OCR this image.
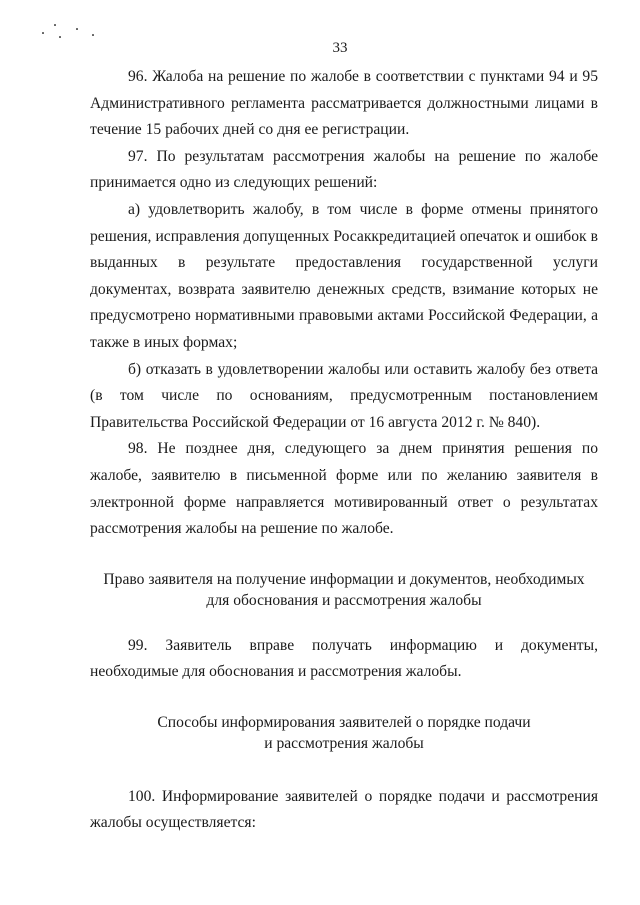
33

96. Жалоба на решение по жалобе в соответствии с пунктами 94 и 95 Административного регламента рассматривается должностными лицами в течение 15 рабочих дней со дня ее регистрации.

97. По результатам рассмотрения жалобы на решение по жалобе принимается одно из следующих решений:

а) удовлетворить жалобу, в том числе в форме отмены принятого решения, исправления допущенных Росаккредитацией опечаток и ошибок в выданных в результате предоставления государственной услуги документах, возврата заявителю денежных средств, взимание которых не предусмотрено нормативными правовыми актами Российской Федерации, а также в иных формах;

б) отказать в удовлетворении жалобы или оставить жалобу без ответа (в том числе по основаниям, предусмотренным постановлением Правительства Российской Федерации от 16 августа 2012 г. № 840).

98. Не позднее дня, следующего за днем принятия решения по жалобе, заявителю в письменной форме или по желанию заявителя в электронной форме направляется мотивированный ответ о результатах рассмотрения жалобы на решение по жалобе.

Право заявителя на получение информации и документов, необходимых
для обоснования и рассмотрения жалобы

99. Заявитель вправе получать информацию и документы, необходимые для обоснования и рассмотрения жалобы.

Способы информирования заявителей о порядке подачи
и рассмотрения жалобы

100. Информирование заявителей о порядке подачи и рассмотрения жалобы осуществляется:
